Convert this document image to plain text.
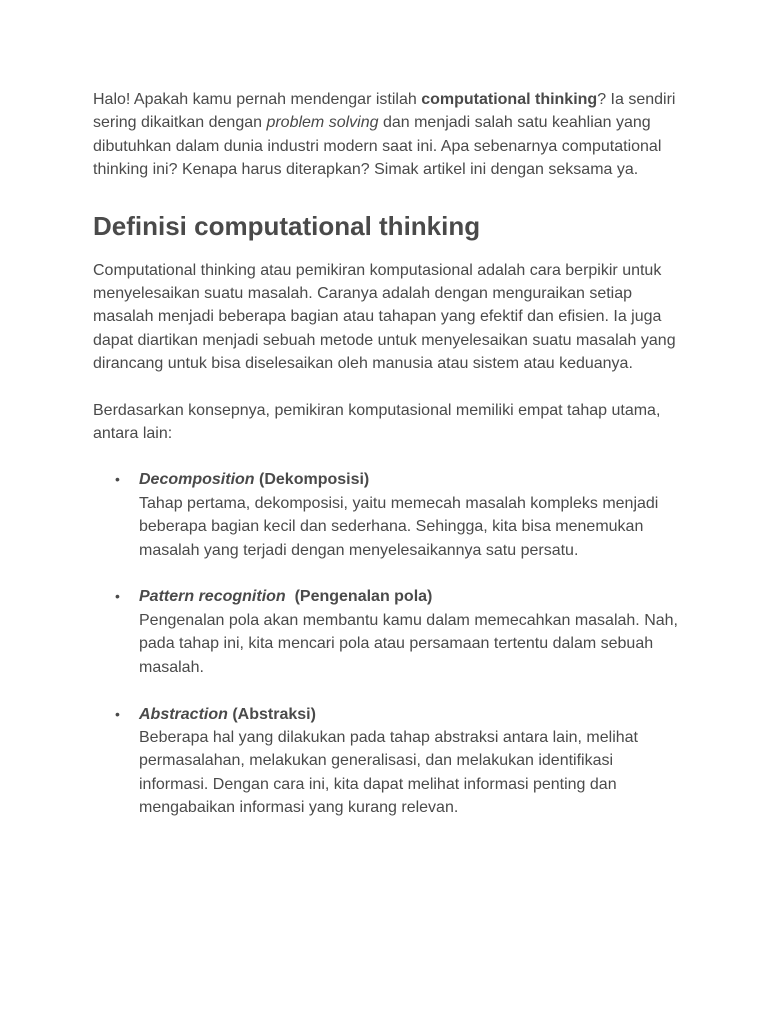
Halo! Apakah kamu pernah mendengar istilah computational thinking? Ia sendiri sering dikaitkan dengan problem solving dan menjadi salah satu keahlian yang dibutuhkan dalam dunia industri modern saat ini. Apa sebenarnya computational thinking ini? Kenapa harus diterapkan? Simak artikel ini dengan seksama ya.

Definisi computational thinking

Computational thinking atau pemikiran komputasional adalah cara berpikir untuk menyelesaikan suatu masalah. Caranya adalah dengan menguraikan setiap masalah menjadi beberapa bagian atau tahapan yang efektif dan efisien. Ia juga dapat diartikan menjadi sebuah metode untuk menyelesaikan suatu masalah yang dirancang untuk bisa diselesaikan oleh manusia atau sistem atau keduanya.

Berdasarkan konsepnya, pemikiran komputasional memiliki empat tahap utama, antara lain:

• Decomposition (Dekomposisi)
Tahap pertama, dekomposisi, yaitu memecah masalah kompleks menjadi beberapa bagian kecil dan sederhana. Sehingga, kita bisa menemukan masalah yang terjadi dengan menyelesaikannya satu persatu.
• Pattern recognition  (Pengenalan pola)
Pengenalan pola akan membantu kamu dalam memecahkan masalah. Nah, pada tahap ini, kita mencari pola atau persamaan tertentu dalam sebuah masalah.
• Abstraction (Abstraksi)
Beberapa hal yang dilakukan pada tahap abstraksi antara lain, melihat permasalahan, melakukan generalisasi, dan melakukan identifikasi informasi. Dengan cara ini, kita dapat melihat informasi penting dan mengabaikan informasi yang kurang relevan.
